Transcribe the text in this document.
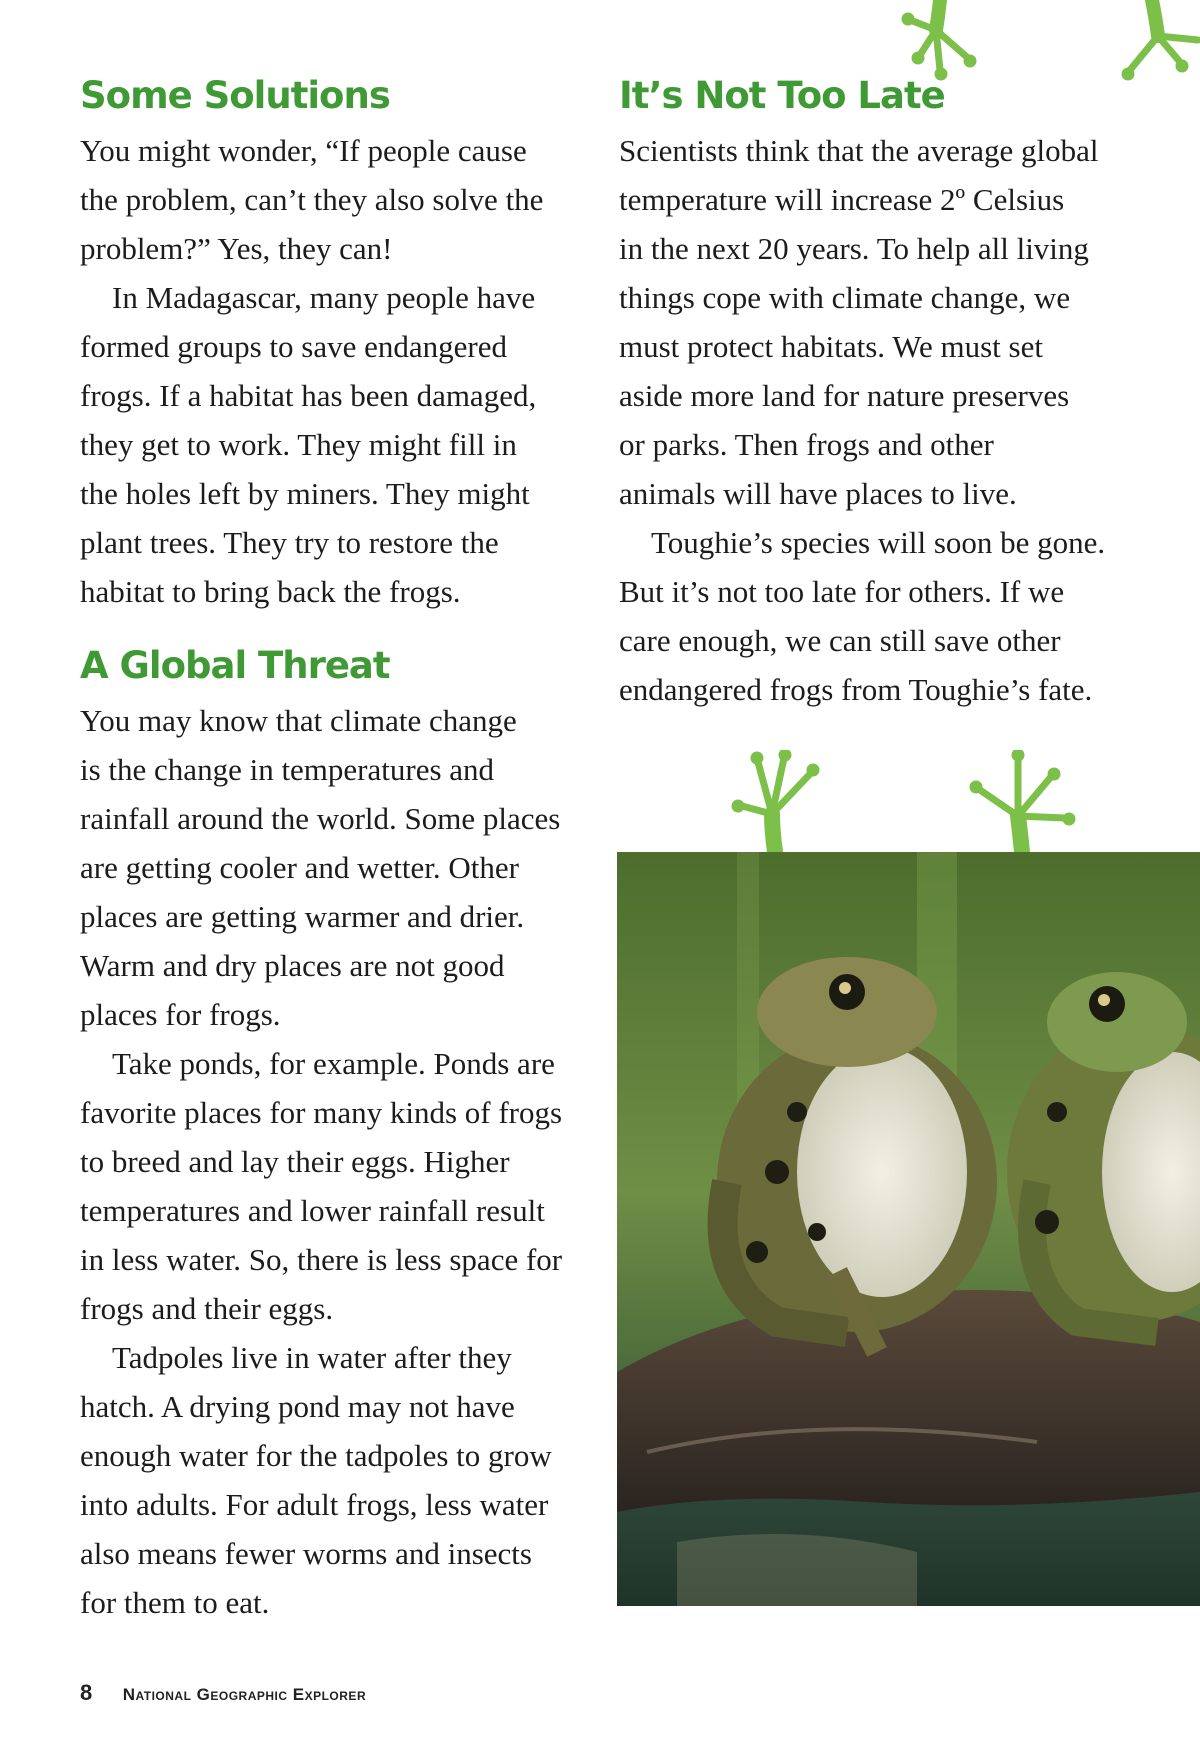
Some Solutions

You might wonder, “If people cause
the problem, can’t they also solve the
problem?” Yes, they can!

In Madagascar, many people have
formed groups to save endangered
frogs. If a habitat has been damaged,
they get to work. They might fill in
the holes left by miners. They might
plant trees. They try to restore the
habitat to bring back the frogs.

A Global Threat

You may know that climate change
is the change in temperatures and
rainfall around the world. Some places
are getting cooler and wetter. Other
places are getting warmer and drier.
Warm and dry places are not good
places for frogs.

Take ponds, for example. Ponds are
favorite places for many kinds of frogs
to breed and lay their eggs. Higher
temperatures and lower rainfall result
in less water. So, there is less space for
frogs and their eggs.

Tadpoles live in water after they
hatch. A drying pond may not have
enough water for the tadpoles to grow
into adults. For adult frogs, less water
also means fewer worms and insects
for them to eat.

It’s Not Too Late

Scientists think that the average global
temperature will increase 2º Celsius
in the next 20 years. To help all living
things cope with climate change, we
must protect habitats. We must set
aside more land for nature preserves
or parks. Then frogs and other
animals will have places to live.

Toughie’s species will soon be gone.
But it’s not too late for others. If we
care enough, we can still save other
endangered frogs from Toughie’s fate.

8 National Geographic Explorer
